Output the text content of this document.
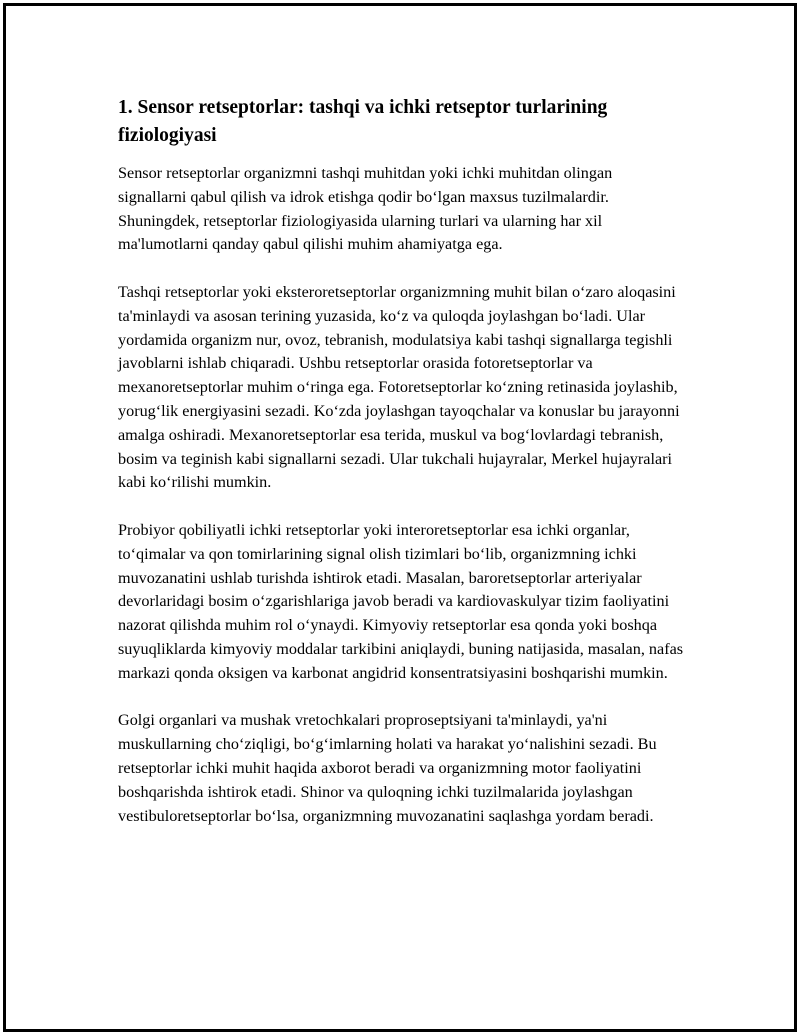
1. Sensor retseptorlar: tashqi va ichki retseptor turlarining fiziologiyasi

Sensor retseptorlar organizmni tashqi muhitdan yoki ichki muhitdan olingan signallarni qabul qilish va idrok etishga qodir bo‘lgan maxsus tuzilmalardir. Shuningdek, retseptorlar fiziologiyasida ularning turlari va ularning har xil ma'lumotlarni qanday qabul qilishi muhim ahamiyatga ega.

Tashqi retseptorlar yoki eksteroretseptorlar organizmning muhit bilan o‘zaro aloqasini ta'minlaydi va asosan terining yuzasida, ko‘z va quloqda joylashgan bo‘ladi. Ular yordamida organizm nur, ovoz, tebranish, modulatsiya kabi tashqi signallarga tegishli javoblarni ishlab chiqaradi. Ushbu retseptorlar orasida fotoretseptorlar va mexanoretseptorlar muhim o‘ringa ega. Fotoretseptorlar ko‘zning retinasida joylashib, yorug‘lik energiyasini sezadi. Ko‘zda joylashgan tayoqchalar va konuslar bu jarayonni amalga oshiradi. Mexanoretseptorlar esa terida, muskul va bog‘lovlardagi tebranish, bosim va teginish kabi signallarni sezadi. Ular tukchali hujayralar, Merkel hujayralari kabi ko‘rilishi mumkin.

Probiyor qobiliyatli ichki retseptorlar yoki interoretseptorlar esa ichki organlar, to‘qimalar va qon tomirlarining signal olish tizimlari bo‘lib, organizmning ichki muvozanatini ushlab turishda ishtirok etadi. Masalan, baroretseptorlar arteriyalar devorlaridagi bosim o‘zgarishlariga javob beradi va kardiovaskulyar tizim faoliyatini nazorat qilishda muhim rol o‘ynaydi. Kimyoviy retseptorlar esa qonda yoki boshqa suyuqliklarda kimyoviy moddalar tarkibini aniqlaydi, buning natijasida, masalan, nafas markazi qonda oksigen va karbonat angidrid konsentratsiyasini boshqarishi mumkin.

Golgi organlari va mushak vretochkalari proproseptsiyani ta'minlaydi, ya'ni muskullarning cho‘ziqligi, bo‘g‘imlarning holati va harakat yo‘nalishini sezadi. Bu retseptorlar ichki muhit haqida axborot beradi va organizmning motor faoliyatini boshqarishda ishtirok etadi. Shinor va quloqning ichki tuzilmalarida joylashgan vestibuloretseptorlar bo‘lsa, organizmning muvozanatini saqlashga yordam beradi.
